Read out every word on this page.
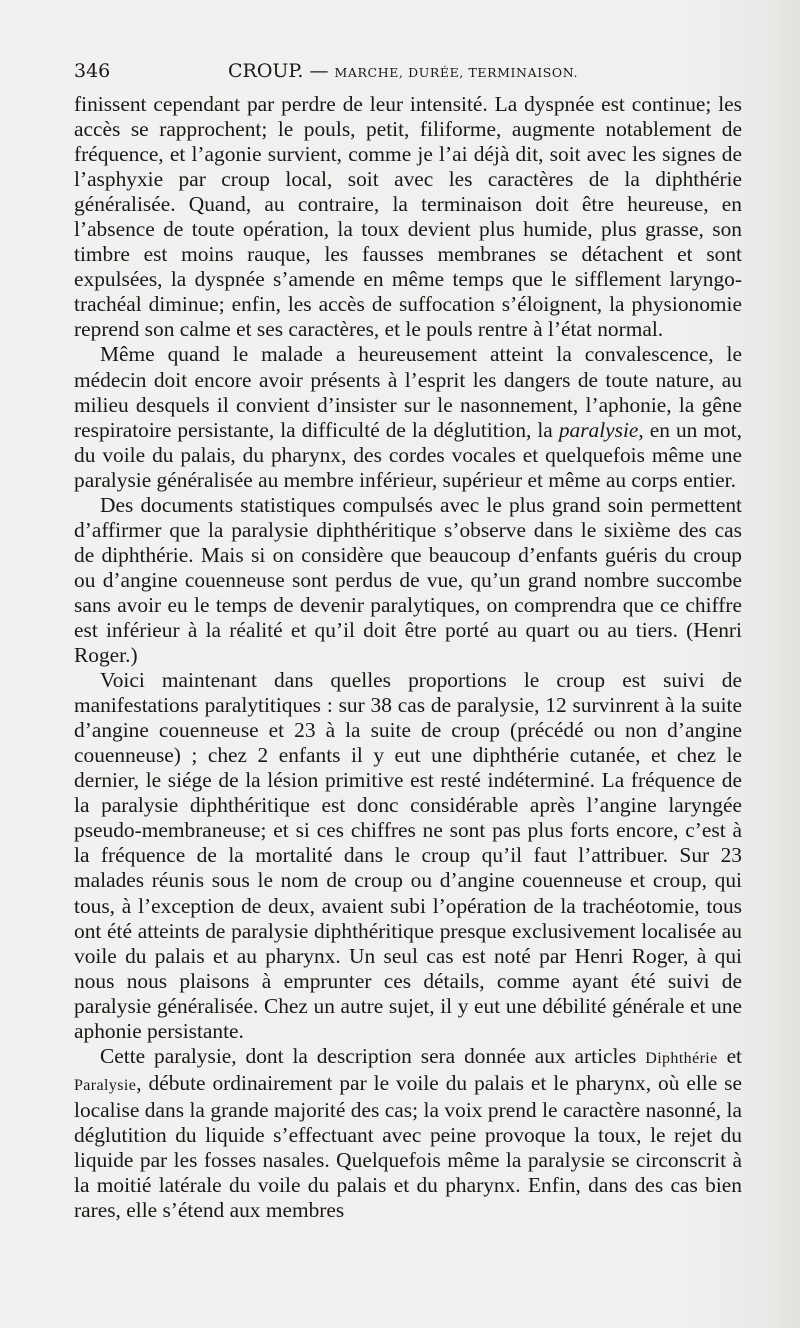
346	CROUP. — MARCHE, DURÉE, TERMINAISON.

finissent cependant par perdre de leur intensité. La dyspnée est continue; les accès se rapprochent; le pouls, petit, filiforme, augmente notablement de fréquence, et l’agonie survient, comme je l’ai déjà dit, soit avec les signes de l’asphyxie par croup local, soit avec les caractères de la diphthérie généralisée. Quand, au contraire, la terminaison doit être heureuse, en l’absence de toute opération, la toux devient plus humide, plus grasse, son timbre est moins rauque, les fausses membranes se détachent et sont expulsées, la dyspnée s’amende en même temps que le sifflement laryngo-trachéal diminue; enfin, les accès de suffocation s’éloignent, la physionomie reprend son calme et ses caractères, et le pouls rentre à l’état normal.

Même quand le malade a heureusement atteint la convalescence, le médecin doit encore avoir présents à l’esprit les dangers de toute nature, au milieu desquels il convient d’insister sur le nasonnement, l’aphonie, la gêne respiratoire persistante, la difficulté de la déglutition, la paralysie, en un mot, du voile du palais, du pharynx, des cordes vocales et quelquefois même une paralysie généralisée au membre inférieur, supérieur et même au corps entier.

Des documents statistiques compulsés avec le plus grand soin permettent d’affirmer que la paralysie diphthéritique s’observe dans le sixième des cas de diphthérie. Mais si on considère que beaucoup d’enfants guéris du croup ou d’angine couenneuse sont perdus de vue, qu’un grand nombre succombe sans avoir eu le temps de devenir paralytiques, on comprendra que ce chiffre est inférieur à la réalité et qu’il doit être porté au quart ou au tiers. (Henri Roger.)

Voici maintenant dans quelles proportions le croup est suivi de manifestations paralytitiques : sur 38 cas de paralysie, 12 survinrent à la suite d’angine couenneuse et 23 à la suite de croup (précédé ou non d’angine couenneuse) ; chez 2 enfants il y eut une diphthérie cutanée, et chez le dernier, le siége de la lésion primitive est resté indéterminé. La fréquence de la paralysie diphthéritique est donc considérable après l’angine laryngée pseudo-membraneuse; et si ces chiffres ne sont pas plus forts encore, c’est à la fréquence de la mortalité dans le croup qu’il faut l’attribuer. Sur 23 malades réunis sous le nom de croup ou d’angine couenneuse et croup, qui tous, à l’exception de deux, avaient subi l’opération de la trachéotomie, tous ont été atteints de paralysie diphthéritique presque exclusivement localisée au voile du palais et au pharynx. Un seul cas est noté par Henri Roger, à qui nous nous plaisons à emprunter ces détails, comme ayant été suivi de paralysie généralisée. Chez un autre sujet, il y eut une débilité générale et une aphonie persistante.

Cette paralysie, dont la description sera donnée aux articles Diphthérie et Paralysie, débute ordinairement par le voile du palais et le pharynx, où elle se localise dans la grande majorité des cas; la voix prend le caractère nasonné, la déglutition du liquide s’effectuant avec peine provoque la toux, le rejet du liquide par les fosses nasales. Quelquefois même la paralysie se circonscrit à la moitié latérale du voile du palais et du pharynx. Enfin, dans des cas bien rares, elle s’étend aux membres
